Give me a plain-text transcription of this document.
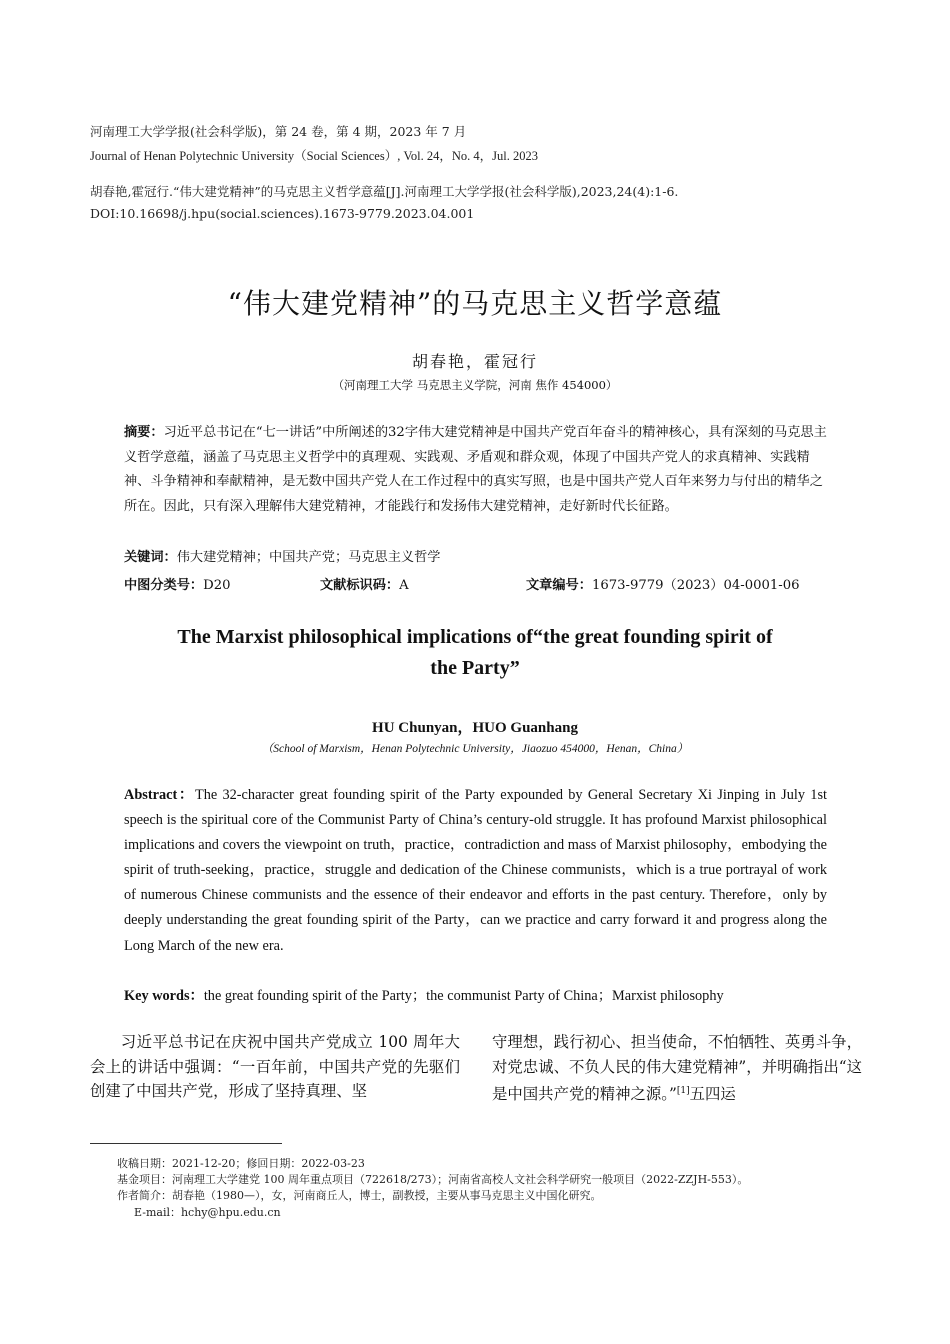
河南理工大学学报(社会科学版)，第 24 卷，第 4 期，2023 年 7 月
Journal of Henan Polytechnic University（Social Sciences）, Vol. 24，No. 4，Jul. 2023
胡春艳,霍冠行.“伟大建党精神”的马克思主义哲学意蕴[J].河南理工大学学报(社会科学版),2023,24(4):1-6.
DOI:10.16698/j.hpu(social.sciences).1673-9779.2023.04.001
“伟大建党精神”的马克思主义哲学意蕴
胡春艳，霍冠行
（河南理工大学 马克思主义学院，河南 焦作 454000）
摘要：习近平总书记在“七一讲话”中所阐述的32字伟大建党精神是中国共产党百年奋斗的精神核心，具有深刻的马克思主义哲学意蕴，涵盖了马克思主义哲学中的真理观、实践观、矛盾观和群众观，体现了中国共产党人的求真精神、实践精神、斗争精神和奉献精神，是无数中国共产党人在工作过程中的真实写照，也是中国共产党人百年来努力与付出的精华之所在。因此，只有深入理解伟大建党精神，才能践行和发扬伟大建党精神，走好新时代长征路。
关键词：伟大建党精神；中国共产党；马克思主义哲学
中图分类号：D20	文献标识码：A	文章编号：1673-9779（2023）04-0001-06
The Marxist philosophical implications of“the great founding spirit of the Party”
HU Chunyan，HUO Guanhang
（School of Marxism，Henan Polytechnic University，Jiaozuo 454000，Henan，China）
Abstract：The 32-character great founding spirit of the Party expounded by General Secretary Xi Jinping in July 1st speech is the spiritual core of the Communist Party of China’s century-old struggle. It has profound Marxist philosophical implications and covers the viewpoint on truth，practice，contradiction and mass of Marxist philosophy，embodying the spirit of truth-seeking，practice，struggle and dedication of the Chinese communists，which is a true portrayal of work of numerous Chinese communists and the essence of their endeavor and efforts in the past century. Therefore，only by deeply understanding the great founding spirit of the Party，can we practice and carry forward it and progress along the Long March of the new era.
Key words：the great founding spirit of the Party；the communist Party of China；Marxist philosophy
习近平总书记在庆祝中国共产党成立 100 周年大会上的讲话中强调：“一百年前，中国共产党的先驱们创建了中国共产党，形成了坚持真理、坚
守理想，践行初心、担当使命，不怕牺牲、英勇斗争，对党忠诚、不负人民的伟大建党精神”，并明确指出“这是中国共产党的精神之源。”[1]五四运
收稿日期：2021-12-20；修回日期：2022-03-23
基金项目：河南理工大学建党 100 周年重点项目（722618/273）；河南省高校人文社会科学研究一般项目（2022-ZZJH-553）。
作者简介：胡春艳（1980—），女，河南商丘人，博士，副教授，主要从事马克思主义中国化研究。
E-mail：hchy@hpu.edu.cn
